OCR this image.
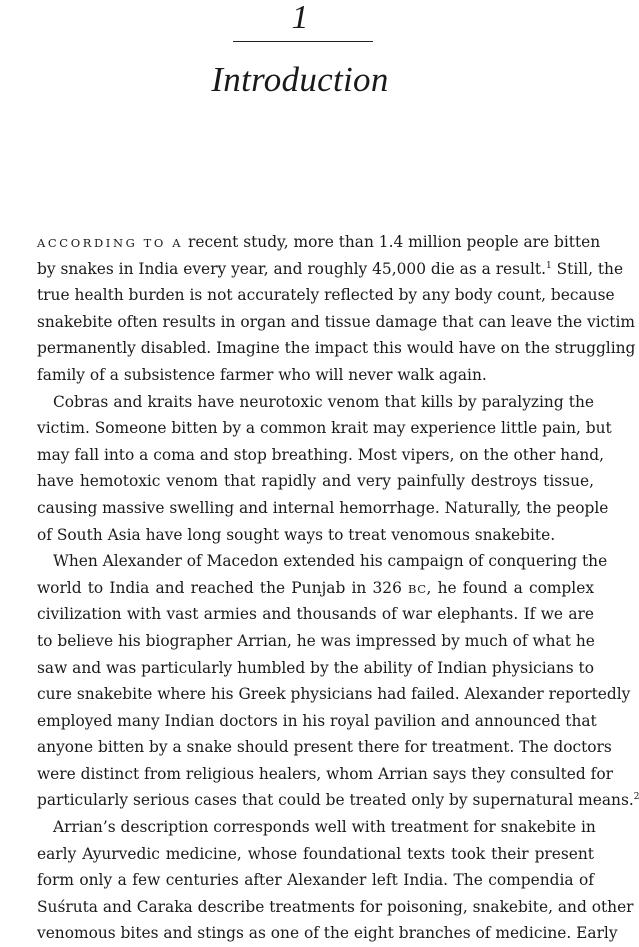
1
Introduction
ACCORDING TO A recent study, more than 1.4 million people are bitten
by snakes in India every year, and roughly 45,000 die as a result.$^1$ Still, the
true health burden is not accurately reflected by any body count, because
snakebite often results in organ and tissue damage that can leave the victim
permanently disabled. Imagine the impact this would have on the struggling
family of a subsistence farmer who will never walk again.
Cobras and kraits have neurotoxic venom that kills by paralyzing the
victim. Someone bitten by a common krait may experience little pain, but
may fall into a coma and stop breathing. Most vipers, on the other hand,
have hemotoxic venom that rapidly and very painfully destroys tissue,
causing massive swelling and internal hemorrhage. Naturally, the people
of South Asia have long sought ways to treat venomous snakebite.
When Alexander of Macedon extended his campaign of conquering the
world to India and reached the Punjab in 326 BC, he found a complex
civilization with vast armies and thousands of war elephants. If we are
to believe his biographer Arrian, he was impressed by much of what he
saw and was particularly humbled by the ability of Indian physicians to
cure snakebite where his Greek physicians had failed. Alexander reportedly
employed many Indian doctors in his royal pavilion and announced that
anyone bitten by a snake should present there for treatment. The doctors
were distinct from religious healers, whom Arrian says they consulted for
particularly serious cases that could be treated only by supernatural means.$^2$
Arrian’s description corresponds well with treatment for snakebite in
early Ayurvedic medicine, whose foundational texts took their present
form only a few centuries after Alexander left India. The compendia of
Suśruta and Caraka describe treatments for poisoning, snakebite, and other
venomous bites and stings as one of the eight branches of medicine. Early
